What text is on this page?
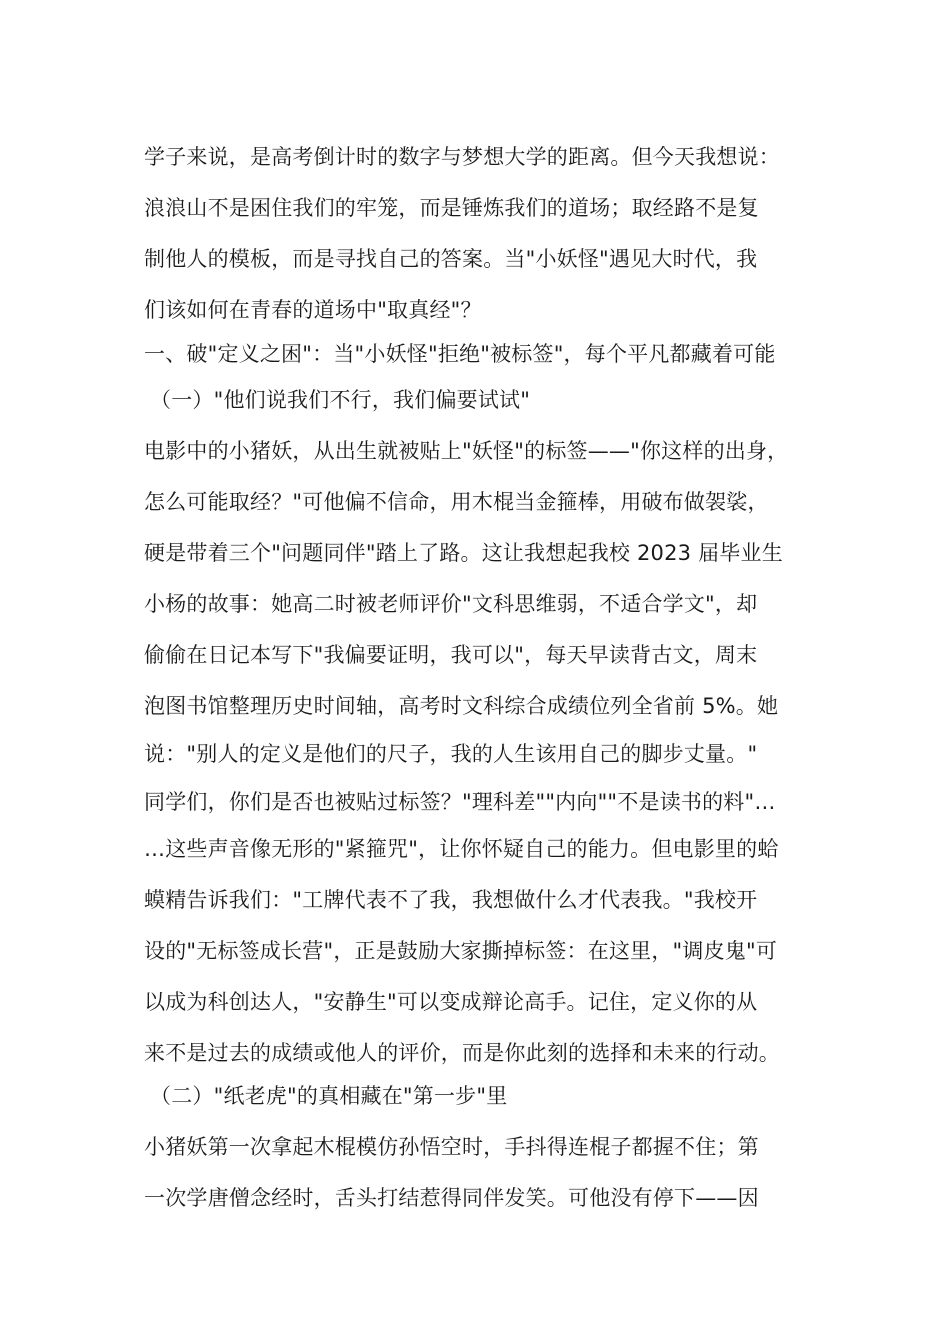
学子来说，是高考倒计时的数字与梦想大学的距离。但今天我想说：
浪浪山不是困住我们的牢笼，而是锤炼我们的道场；取经路不是复
制他人的模板，而是寻找自己的答案。当"小妖怪"遇见大时代，我
们该如何在青春的道场中"取真经"？
一、破"定义之困"：当"小妖怪"拒绝"被标签"，每个平凡都藏着可能
（一）"他们说我们不行，我们偏要试试"
电影中的小猪妖，从出生就被贴上"妖怪"的标签——"你这样的出身，
怎么可能取经？"可他偏不信命，用木棍当金箍棒，用破布做袈裟，
硬是带着三个"问题同伴"踏上了路。这让我想起我校 2023 届毕业生
小杨的故事：她高二时被老师评价"文科思维弱，不适合学文"，却
偷偷在日记本写下"我偏要证明，我可以"，每天早读背古文，周末
泡图书馆整理历史时间轴，高考时文科综合成绩位列全省前 5%。她
说："别人的定义是他们的尺子，我的人生该用自己的脚步丈量。"
同学们，你们是否也被贴过标签？"理科差""内向""不是读书的料"…
…这些声音像无形的"紧箍咒"，让你怀疑自己的能力。但电影里的蛤
蟆精告诉我们："工牌代表不了我，我想做什么才代表我。"我校开
设的"无标签成长营"，正是鼓励大家撕掉标签：在这里，"调皮鬼"可
以成为科创达人，"安静生"可以变成辩论高手。记住，定义你的从
来不是过去的成绩或他人的评价，而是你此刻的选择和未来的行动。
（二）"纸老虎"的真相藏在"第一步"里
小猪妖第一次拿起木棍模仿孙悟空时，手抖得连棍子都握不住；第
一次学唐僧念经时，舌头打结惹得同伴发笑。可他没有停下——因
